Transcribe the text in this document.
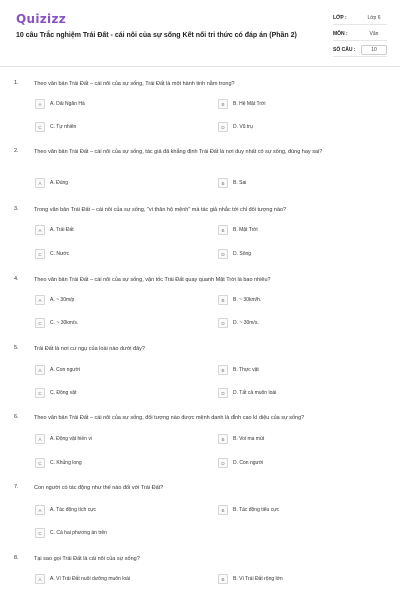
Quizizz
10 câu Trắc nghiệm Trái Đất - cái nôi của sự sống Kết nối tri thức có đáp án (Phần 2)
LỚP :	Lớp 6
MÔN :	Văn
SỐ CÂU :	10
1.	Theo văn bản Trái Đất – cái nôi của sự sống, Trái Đất là một hành tinh nằm trong?
A	A. Dải Ngân Hà	B	B. Hệ Mặt Trời
C	C. Tự nhiên	D	D. Vũ trụ
2.	Theo văn bản Trái Đất – cái nôi của sự sống, tác giả đã khẳng định Trái Đất là nơi duy nhất có sự sống, đúng hay sai?
A	A. Đúng	B	B. Sai
3.	Trong văn bản Trái Đất – cái nôi của sự sống, "vì thân hộ mệnh" mà tác giả nhắc tới chỉ đối tượng nào?
A	A. Trái Đất	B	B. Mặt Trời
C	C. Nước	D	D. Sông
4.	Theo văn bản Trái Đất – cái nôi của sự sống, vận tốc Trái Đất quay quanh Mặt Trời là bao nhiêu?
A	A. ~ 30m/p	B	B. ~ 30km/h.
C	C. ~ 30km/s.	D	D. ~ 30m/s.
5.	Trái Đất là nơi cư ngụ của loài nào dưới đây?
A	A. Con người	B	B. Thực vật
C	C. Động vật	D	D. Tất cả muôn loài
6.	Theo văn bản Trái Đất – cái nôi của sự sống, đối tượng nào được mệnh danh là đỉnh cao kì diệu của sự sống?
A	A. Động vật hiền vi	B	B. Voi ma mút
C	C. Khủng long	D	D. Con người
7.	Con người có tác động như thế nào đối với Trái Đất?
A	A. Tác động tích cực	B	B. Tác động tiêu cực
C	C. Cả hai phương án trên
8.	Tại sao gọi Trái Đất là cái nôi của sự sống?
A	A. Vì Trái Đất nuôi dưỡng muôn loài	B	B. Vì Trái Đất rộng lớn
